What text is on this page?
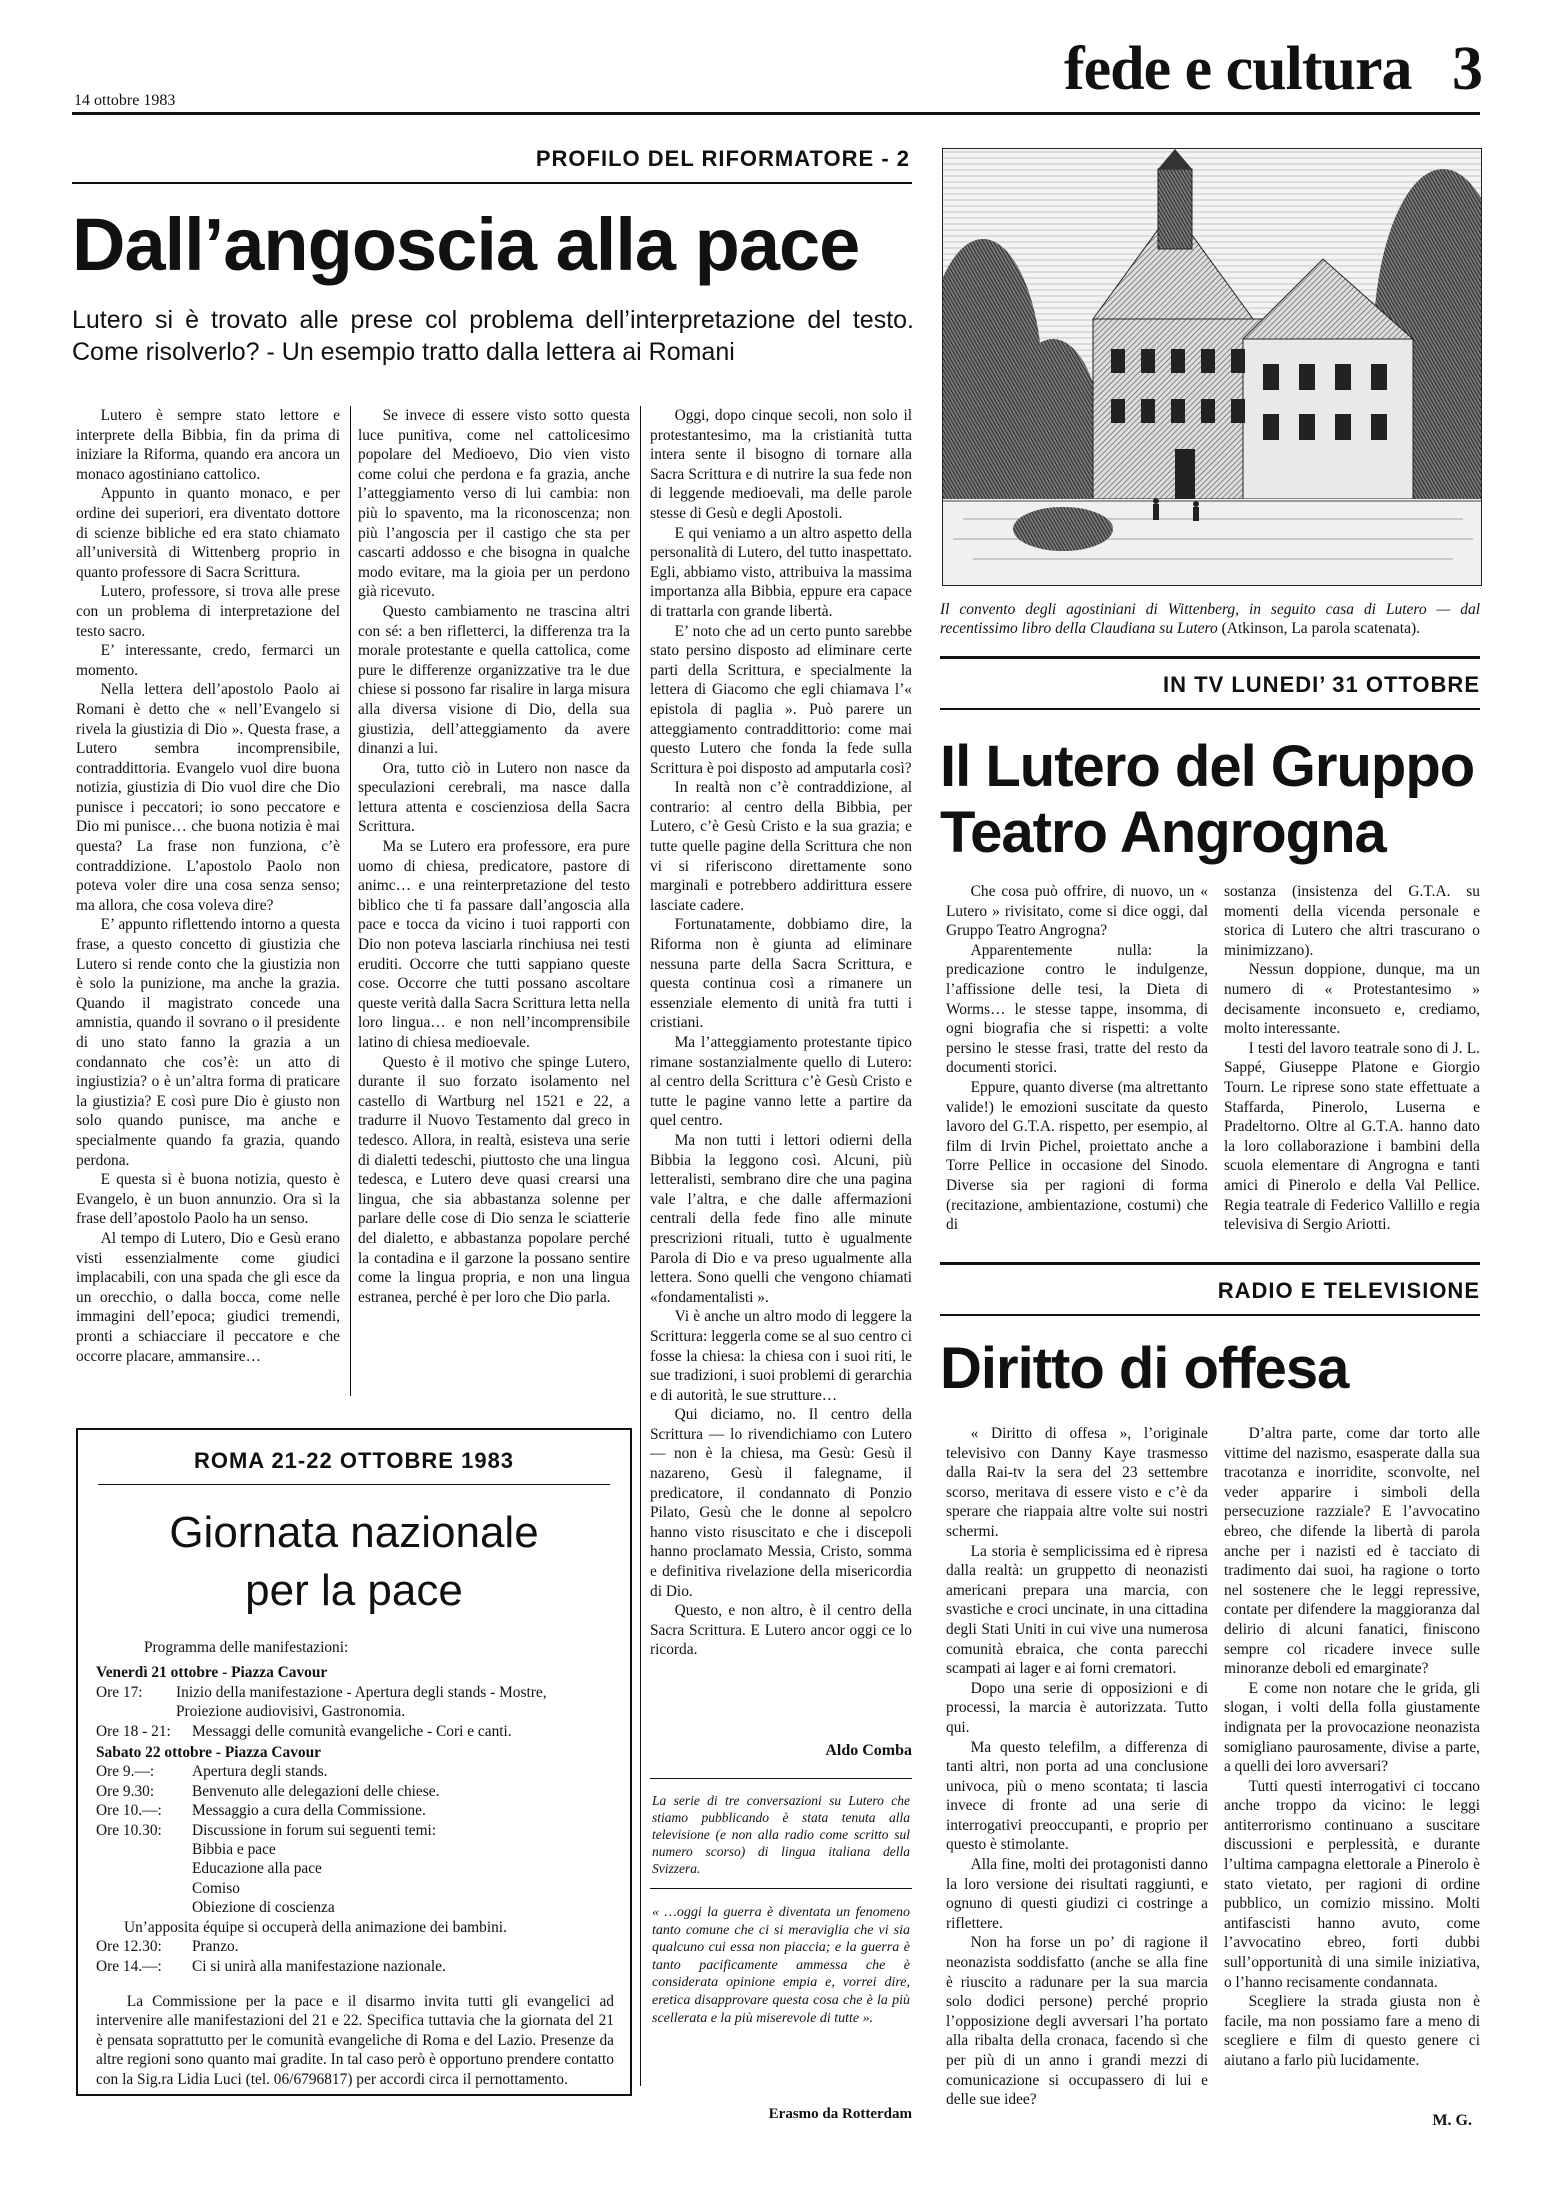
14 ottobre 1983	fede e cultura 3
PROFILO DEL RIFORMATORE - 2
Dall’angoscia alla pace
Lutero si è trovato alle prese col problema dell’interpretazione del testo. Come risolverlo? - Un esempio tratto dalla lettera ai Romani

Lutero è sempre stato lettore e interprete della Bibbia, fin da prima di iniziare la Riforma, quando era ancora un monaco agostiniano cattolico.

Appunto in quanto monaco, e per ordine dei superiori, era diventato dottore di scienze bibliche ed era stato chiamato all’università di Wittenberg proprio in quanto professore di Sacra Scrittura.

Lutero, professore, si trova alle prese con un problema di interpretazione del testo sacro.

E’ interessante, credo, fermarci un momento.

Nella lettera dell’apostolo Paolo ai Romani è detto che « nell’Evangelo si rivela la giustizia di Dio ». Questa frase, a Lutero sembra incomprensibile, contraddittoria. Evangelo vuol dire buona notizia, giustizia di Dio vuol dire che Dio punisce i peccatori; io sono peccatore e Dio mi punisce… che buona notizia è mai questa? La frase non funziona, c’è contraddizione. L’apostolo Paolo non poteva voler dire una cosa senza senso; ma allora, che cosa voleva dire?

E’ appunto riflettendo intorno a questa frase, a questo concetto di giustizia che Lutero si rende conto che la giustizia non è solo la punizione, ma anche la grazia. Quando il magistrato concede una amnistia, quando il sovrano o il presidente di uno stato fanno la grazia a un condannato che cos’è: un atto di ingiustizia? o è un’altra forma di praticare la giustizia? E così pure Dio è giusto non solo quando punisce, ma anche e specialmente quando fa grazia, quando perdona.

E questa sì è buona notizia, questo è Evangelo, è un buon annunzio. Ora sì la frase dell’apostolo Paolo ha un senso.

Al tempo di Lutero, Dio e Gesù erano visti essenzialmente come giudici implacabili, con una spada che gli esce da un orecchio, o dalla bocca, come nelle immagini dell’epoca; giudici tremendi, pronti a schiacciare il peccatore e che occorre placare, ammansire…

Se invece di essere visto sotto questa luce punitiva, come nel cattolicesimo popolare del Medioevo, Dio vien visto come colui che perdona e fa grazia, anche l’atteggiamento verso di lui cambia: non più lo spavento, ma la riconoscenza; non più l’angoscia per il castigo che sta per cascarti addosso e che bisogna in qualche modo evitare, ma la gioia per un perdono già ricevuto.

Questo cambiamento ne trascina altri con sé: a ben rifletterci, la differenza tra la morale protestante e quella cattolica, come pure le differenze organizzative tra le due chiese si possono far risalire in larga misura alla diversa visione di Dio, della sua giustizia, dell’atteggiamento da avere dinanzi a lui.

Ora, tutto ciò in Lutero non nasce da speculazioni cerebrali, ma nasce dalla lettura attenta e coscienziosa della Sacra Scrittura.

Ma se Lutero era professore, era pure uomo di chiesa, predicatore, pastore di animc… e una reinterpretazione del testo biblico che ti fa passare dall’angoscia alla pace e tocca da vicino i tuoi rapporti con Dio non poteva lasciarla rinchiusa nei testi eruditi. Occorre che tutti sappiano queste cose. Occorre che tutti possano ascoltare queste verità dalla Sacra Scrittura letta nella loro lingua… e non nell’incomprensibile latino di chiesa medioevale.

Questo è il motivo che spinge Lutero, durante il suo forzato isolamento nel castello di Wartburg nel 1521 e 22, a tradurre il Nuovo Testamento dal greco in tedesco. Allora, in realtà, esisteva una serie di dialetti tedeschi, piuttosto che una lingua tedesca, e Lutero deve quasi crearsi una lingua, che sia abbastanza solenne per parlare delle cose di Dio senza le sciatterie del dialetto, e abbastanza popolare perché la contadina e il garzone la possano sentire come la lingua propria, e non una lingua estranea, perché è per loro che Dio parla.

Oggi, dopo cinque secoli, non solo il protestantesimo, ma la cristianità tutta intera sente il bisogno di tornare alla Sacra Scrittura e di nutrire la sua fede non di leggende medioevali, ma delle parole stesse di Gesù e degli Apostoli.

E qui veniamo a un altro aspetto della personalità di Lutero, del tutto inaspettato. Egli, abbiamo visto, attribuiva la massima importanza alla Bibbia, eppure era capace di trattarla con grande libertà.

E’ noto che ad un certo punto sarebbe stato persino disposto ad eliminare certe parti della Scrittura, e specialmente la lettera di Giacomo che egli chiamava l’« epistola di paglia ». Può parere un atteggiamento contraddittorio: come mai questo Lutero che fonda la fede sulla Scrittura è poi disposto ad amputarla così?

In realtà non c’è contraddizione, al contrario: al centro della Bibbia, per Lutero, c’è Gesù Cristo e la sua grazia; e tutte quelle pagine della Scrittura che non vi si riferiscono direttamente sono marginali e potrebbero addirittura essere lasciate cadere.

Fortunatamente, dobbiamo dire, la Riforma non è giunta ad eliminare nessuna parte della Sacra Scrittura, e questa continua così a rimanere un essenziale elemento di unità fra tutti i cristiani.

Ma l’atteggiamento protestante tipico rimane sostanzialmente quello di Lutero: al centro della Scrittura c’è Gesù Cristo e tutte le pagine vanno lette a partire da quel centro.

Ma non tutti i lettori odierni della Bibbia la leggono così. Alcuni, più letteralisti, sembrano dire che una pagina vale l’altra, e che dalle affermazioni centrali della fede fino alle minute prescrizioni rituali, tutto è ugualmente Parola di Dio e va preso ugualmente alla lettera. Sono quelli che vengono chiamati «fondamentalisti ».

Vi è anche un altro modo di leggere la Scrittura: leggerla come se al suo centro ci fosse la chiesa: la chiesa con i suoi riti, le sue tradizioni, i suoi problemi di gerarchia e di autorità, le sue strutture…

Qui diciamo, no. Il centro della Scrittura — lo rivendichiamo con Lutero — non è la chiesa, ma Gesù: Gesù il nazareno, Gesù il falegname, il predicatore, il condannato di Ponzio Pilato, Gesù che le donne al sepolcro hanno visto risuscitato e che i discepoli hanno proclamato Messia, Cristo, somma e definitiva rivelazione della misericordia di Dio.

Questo, e non altro, è il centro della Sacra Scrittura. E Lutero ancor oggi ce lo ricorda.

Aldo Comba
La serie di tre conversazioni su Lutero che stiamo pubblicando è stata tenuta alla televisione (e non alla radio come scritto sul numero scorso) di lingua italiana della Svizzera.
« …oggi la guerra è diventata un fenomeno tanto comune che ci si meraviglia che vi sia qualcuno cui essa non piaccia; e la guerra è tanto pacificamente ammessa che è considerata opinione empia e, vorrei dire, eretica disapprovare questa cosa che è la più scellerata e la più miserevole di tutte ».
Erasmo da Rotterdam
Il convento degli agostiniani di Wittenberg, in seguito casa di Lutero — dal recentissimo libro della Claudiana su Lutero (Atkinson, La parola scatenata).
IN TV LUNEDI’ 31 OTTOBRE
Il Lutero del Gruppo
Teatro Angrogna

Che cosa può offrire, di nuovo, un « Lutero » rivisitato, come si dice oggi, dal Gruppo Teatro Angrogna?

Apparentemente nulla: la predicazione contro le indulgenze, l’affissione delle tesi, la Dieta di Worms… le stesse tappe, insomma, di ogni biografia che si rispetti: a volte persino le stesse frasi, tratte del resto da documenti storici.

Eppure, quanto diverse (ma altrettanto valide!) le emozioni suscitate da questo lavoro del G.T.A. rispetto, per esempio, al film di Irvin Pichel, proiettato anche a Torre Pellice in occasione del Sinodo. Diverse sia per ragioni di forma (recitazione, ambientazione, costumi) che di

sostanza (insistenza del G.T.A. su momenti della vicenda personale e storica di Lutero che altri trascurano o minimizzano).

Nessun doppione, dunque, ma un numero di « Protestantesimo » decisamente inconsueto e, crediamo, molto interessante.

I testi del lavoro teatrale sono di J. L. Sappé, Giuseppe Platone e Giorgio Tourn. Le riprese sono state effettuate a Staffarda, Pinerolo, Luserna e Pradeltorno. Oltre al G.T.A. hanno dato la loro collaborazione i bambini della scuola elementare di Angrogna e tanti amici di Pinerolo e della Val Pellice. Regia teatrale di Federico Vallillo e regia televisiva di Sergio Ariotti.

RADIO E TELEVISIONE
Diritto di offesa

« Diritto di offesa », l’originale televisivo con Danny Kaye trasmesso dalla Rai-tv la sera del 23 settembre scorso, meritava di essere visto e c’è da sperare che riappaia altre volte sui nostri schermi.

La storia è semplicissima ed è ripresa dalla realtà: un gruppetto di neonazisti americani prepara una marcia, con svastiche e croci uncinate, in una cittadina degli Stati Uniti in cui vive una numerosa comunità ebraica, che conta parecchi scampati ai lager e ai forni crematori.

Dopo una serie di opposizioni e di processi, la marcia è autorizzata. Tutto qui.

Ma questo telefilm, a differenza di tanti altri, non porta ad una conclusione univoca, più o meno scontata; ti lascia invece di fronte ad una serie di interrogativi preoccupanti, e proprio per questo è stimolante.

Alla fine, molti dei protagonisti danno la loro versione dei risultati raggiunti, e ognuno di questi giudizi ci costringe a riflettere.

Non ha forse un po’ di ragione il neonazista soddisfatto (anche se alla fine è riuscito a radunare per la sua marcia solo dodici persone) perché proprio l’opposizione degli avversari l’ha portato alla ribalta della cronaca, facendo sì che per più di un anno i grandi mezzi di comunicazione si occupassero di lui e delle sue idee?

D’altra parte, come dar torto alle vittime del nazismo, esasperate dalla sua tracotanza e inorridite, sconvolte, nel veder apparire i simboli della persecuzione razziale? E l’avvocatino ebreo, che difende la libertà di parola anche per i nazisti ed è tacciato di tradimento dai suoi, ha ragione o torto nel sostenere che le leggi repressive, contate per difendere la maggioranza dal delirio di alcuni fanatici, finiscono sempre col ricadere invece sulle minoranze deboli ed emarginate?

E come non notare che le grida, gli slogan, i volti della folla giustamente indignata per la provocazione neonazista somigliano paurosamente, divise a parte, a quelli dei loro avversari?

Tutti questi interrogativi ci toccano anche troppo da vicino: le leggi antiterrorismo continuano a suscitare discussioni e perplessità, e durante l’ultima campagna elettorale a Pinerolo è stato vietato, per ragioni di ordine pubblico, un comizio missino. Molti antifascisti hanno avuto, come l’avvocatino ebreo, forti dubbi sull’opportunità di una simile iniziativa, o l’hanno recisamente condannata.

Scegliere la strada giusta non è facile, ma non possiamo fare a meno di scegliere e film di questo genere ci aiutano a farlo più lucidamente.

M. G.
ROMA 21-22 OTTOBRE 1983
Giornata nazionale
per la pace
Programma delle manifestazioni:
Venerdì 21 ottobre - Piazza Cavour
Ore 17:	Inizio della manifestazione - Apertura degli stands - Mostre, Proiezione audiovisivi, Gastronomia.
Ore 18 - 21:	Messaggi delle comunità evangeliche - Cori e canti.
Sabato 22 ottobre - Piazza Cavour
Ore 9.—:	Apertura degli stands.
Ore 9.30:	Benvenuto alle delegazioni delle chiese.
Ore 10.—:	Messaggio a cura della Commissione.
Ore 10.30:	Discussione in forum sui seguenti temi:
Bibbia e pace
Educazione alla pace
Comiso
Obiezione di coscienza
Un’apposita équipe si occuperà della animazione dei bambini.
Ore 12.30:	Pranzo.
Ore 14.—:	Ci si unirà alla manifestazione nazionale.
La Commissione per la pace e il disarmo invita tutti gli evangelici ad intervenire alle manifestazioni del 21 e 22. Specifica tuttavia che la giornata del 21 è pensata soprattutto per le comunità evangeliche di Roma e del Lazio. Presenze da altre regioni sono quanto mai gradite. In tal caso però è opportuno prendere contatto con la Sig.ra Lidia Luci (tel. 06/6796817) per accordi circa il pernottamento.
